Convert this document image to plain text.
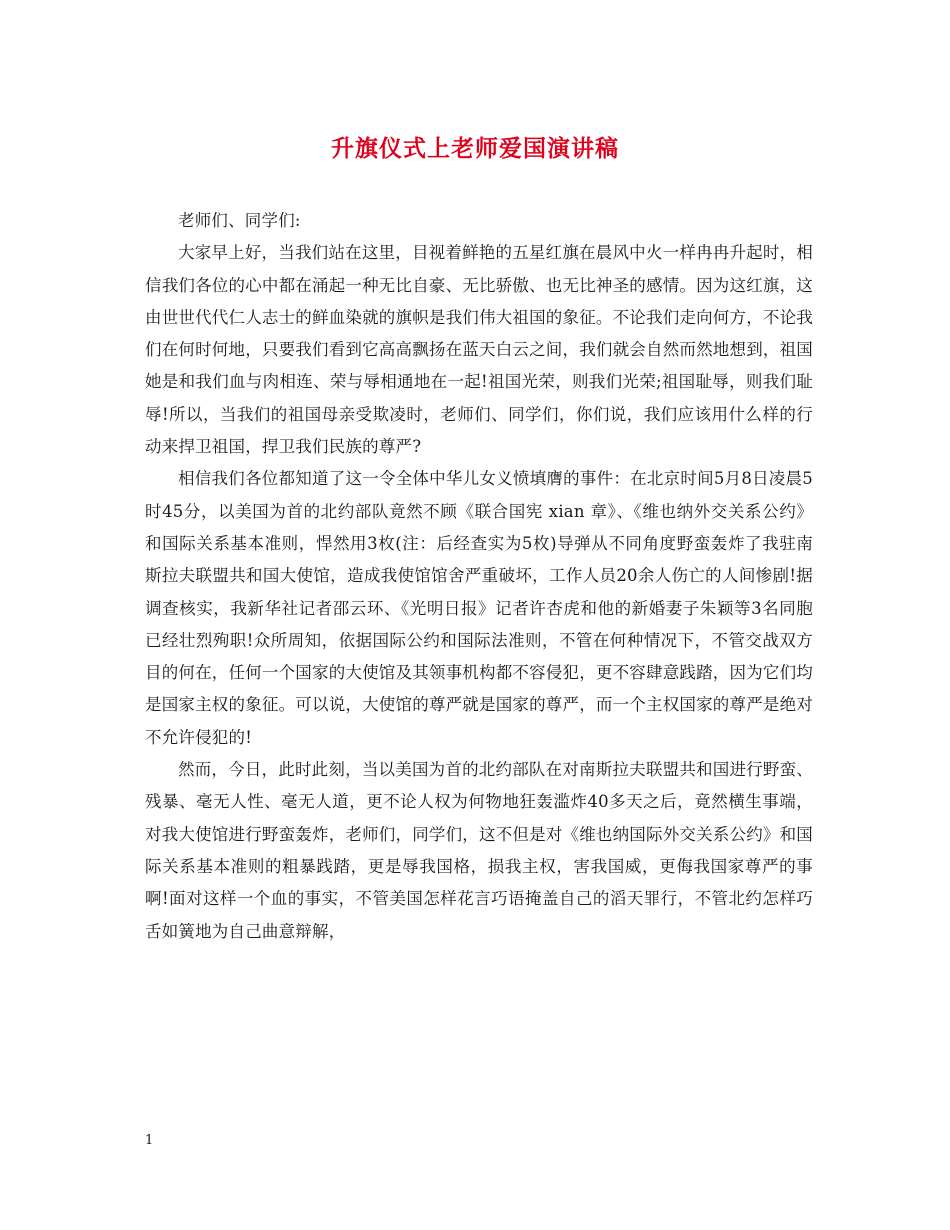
升旗仪式上老师爱国演讲稿

老师们、同学们:

大家早上好，当我们站在这里，目视着鲜艳的五星红旗在晨风中火一样冉冉升起时，相信我们各位的心中都在涌起一种无比自豪、无比骄傲、也无比神圣的感情。因为这红旗，这由世世代代仁人志士的鲜血染就的旗帜是我们伟大祖国的象征。不论我们走向何方，不论我们在何时何地，只要我们看到它高高飘扬在蓝天白云之间，我们就会自然而然地想到，祖国她是和我们血与肉相连、荣与辱相通地在一起!祖国光荣，则我们光荣;祖国耻辱，则我们耻辱!所以，当我们的祖国母亲受欺凌时，老师们、同学们，你们说，我们应该用什么样的行动来捍卫祖国，捍卫我们民族的尊严?

相信我们各位都知道了这一令全体中华儿女义愤填膺的事件：在北京时间5月8日凌晨5时45分，以美国为首的北约部队竟然不顾《联合国宪 xian 章》、《维也纳外交关系公约》和国际关系基本准则，悍然用3枚(注：后经查实为5枚)导弹从不同角度野蛮轰炸了我驻南斯拉夫联盟共和国大使馆，造成我使馆馆舍严重破坏，工作人员20余人伤亡的人间惨剧!据调查核实，我新华社记者邵云环、《光明日报》记者许杏虎和他的新婚妻子朱颖等3名同胞已经壮烈殉职!众所周知，依据国际公约和国际法准则，不管在何种情况下，不管交战双方目的何在，任何一个国家的大使馆及其领事机构都不容侵犯，更不容肆意践踏，因为它们均是国家主权的象征。可以说，大使馆的尊严就是国家的尊严，而一个主权国家的尊严是绝对不允许侵犯的!

然而，今日，此时此刻，当以美国为首的北约部队在对南斯拉夫联盟共和国进行野蛮、残暴、毫无人性、毫无人道，更不论人权为何物地狂轰滥炸40多天之后，竟然横生事端，对我大使馆进行野蛮轰炸，老师们，同学们，这不但是对《维也纳国际外交关系公约》和国际关系基本准则的粗暴践踏，更是辱我国格，损我主权，害我国威，更侮我国家尊严的事啊!面对这样一个血的事实，不管美国怎样花言巧语掩盖自己的滔天罪行，不管北约怎样巧舌如簧地为自己曲意辩解，

1
